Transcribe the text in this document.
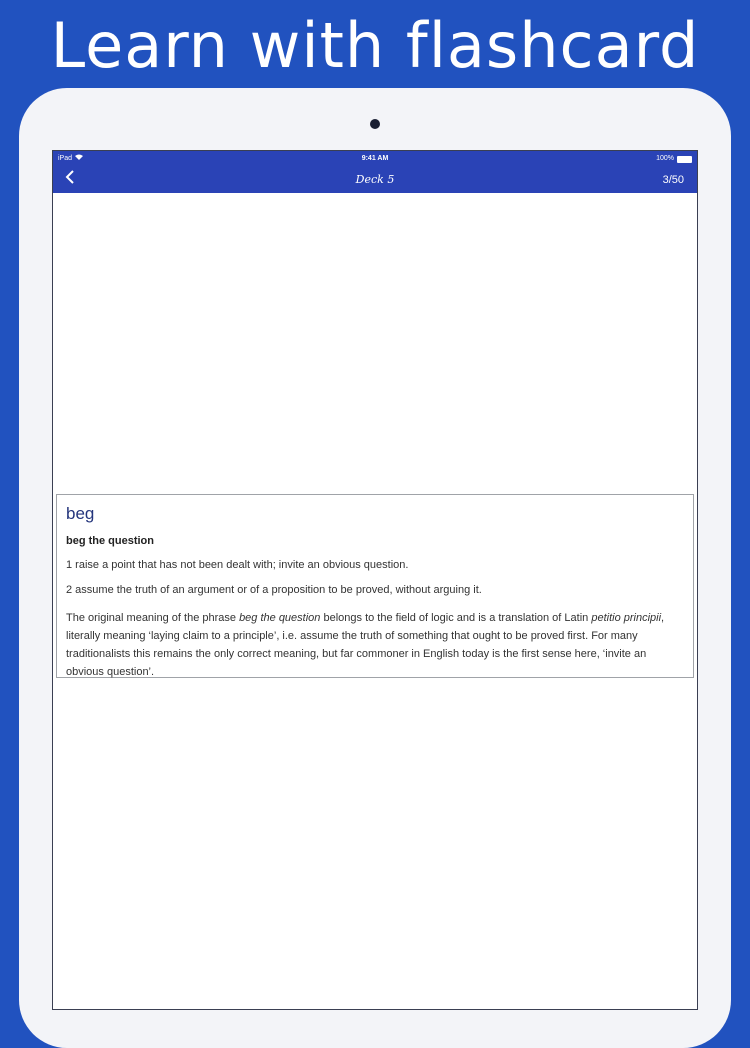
Learn with flashcard
iPad	9:41 AM	100%
Deck 5	3/50
beg
beg the question
1 raise a point that has not been dealt with; invite an obvious question.
2 assume the truth of an argument or of a proposition to be proved, without arguing it.
The original meaning of the phrase beg the question belongs to the field of logic and is a translation of Latin petitio principii, literally meaning ‘laying claim to a principle’, i.e. assume the truth of something that ought to be proved first. For many traditionalists this remains the only correct meaning, but far commoner in English today is the first sense here, ‘invite an obvious question’.
